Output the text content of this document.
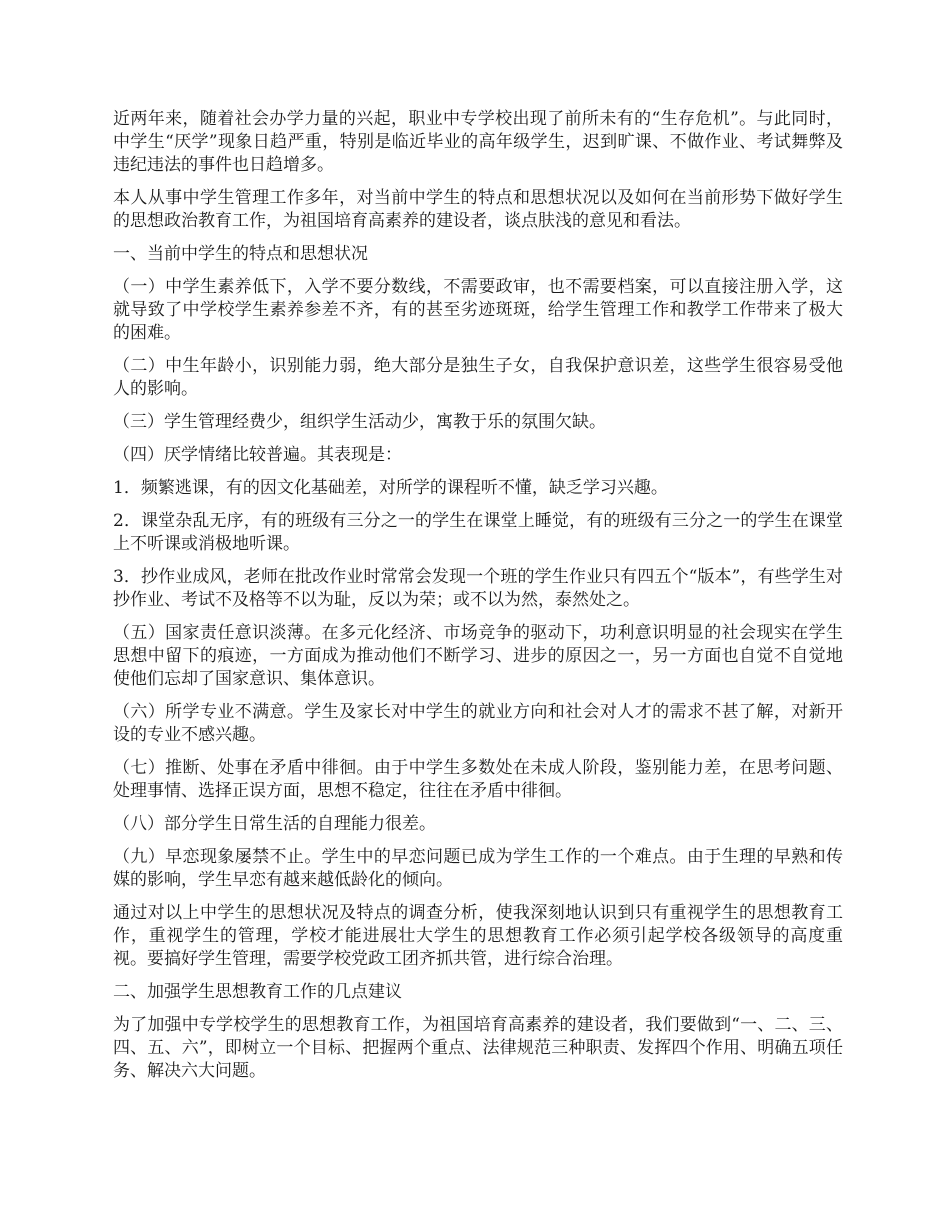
近两年来，随着社会办学力量的兴起，职业中专学校出现了前所未有的“生存危机”。与此同时，中学生“厌学”现象日趋严重，特别是临近毕业的高年级学生，迟到旷课、不做作业、考试舞弊及违纪违法的事件也日趋增多。

本人从事中学生管理工作多年，对当前中学生的特点和思想状况以及如何在当前形势下做好学生的思想政治教育工作，为祖国培育高素养的建设者，谈点肤浅的意见和看法。

一、当前中学生的特点和思想状况

（一）中学生素养低下，入学不要分数线，不需要政审，也不需要档案，可以直接注册入学，这就导致了中学校学生素养参差不齐，有的甚至劣迹斑斑，给学生管理工作和教学工作带来了极大的困难。

（二）中生年龄小，识别能力弱，绝大部分是独生子女，自我保护意识差，这些学生很容易受他人的影响。

（三）学生管理经费少，组织学生活动少，寓教于乐的氛围欠缺。

（四）厌学情绪比较普遍。其表现是：

1．频繁逃课，有的因文化基础差，对所学的课程听不懂，缺乏学习兴趣。

2．课堂杂乱无序，有的班级有三分之一的学生在课堂上睡觉，有的班级有三分之一的学生在课堂上不听课或消极地听课。

3．抄作业成风，老师在批改作业时常常会发现一个班的学生作业只有四五个“版本”，有些学生对抄作业、考试不及格等不以为耻，反以为荣；或不以为然，泰然处之。

（五）国家责任意识淡薄。在多元化经济、市场竞争的驱动下，功利意识明显的社会现实在学生思想中留下的痕迹，一方面成为推动他们不断学习、进步的原因之一，另一方面也自觉不自觉地使他们忘却了国家意识、集体意识。

（六）所学专业不满意。学生及家长对中学生的就业方向和社会对人才的需求不甚了解，对新开设的专业不感兴趣。

（七）推断、处事在矛盾中徘徊。由于中学生多数处在未成人阶段，鉴别能力差，在思考问题、处理事情、选择正误方面，思想不稳定，往往在矛盾中徘徊。

（八）部分学生日常生活的自理能力很差。

（九）早恋现象屡禁不止。学生中的早恋问题已成为学生工作的一个难点。由于生理的早熟和传媒的影响，学生早恋有越来越低龄化的倾向。

通过对以上中学生的思想状况及特点的调查分析，使我深刻地认识到只有重视学生的思想教育工作，重视学生的管理，学校才能进展壮大学生的思想教育工作必须引起学校各级领导的高度重视。要搞好学生管理，需要学校党政工团齐抓共管，进行综合治理。

二、加强学生思想教育工作的几点建议

为了加强中专学校学生的思想教育工作，为祖国培育高素养的建设者，我们要做到“一、二、三、四、五、六”，即树立一个目标、把握两个重点、法律规范三种职责、发挥四个作用、明确五项任务、解决六大问题。
